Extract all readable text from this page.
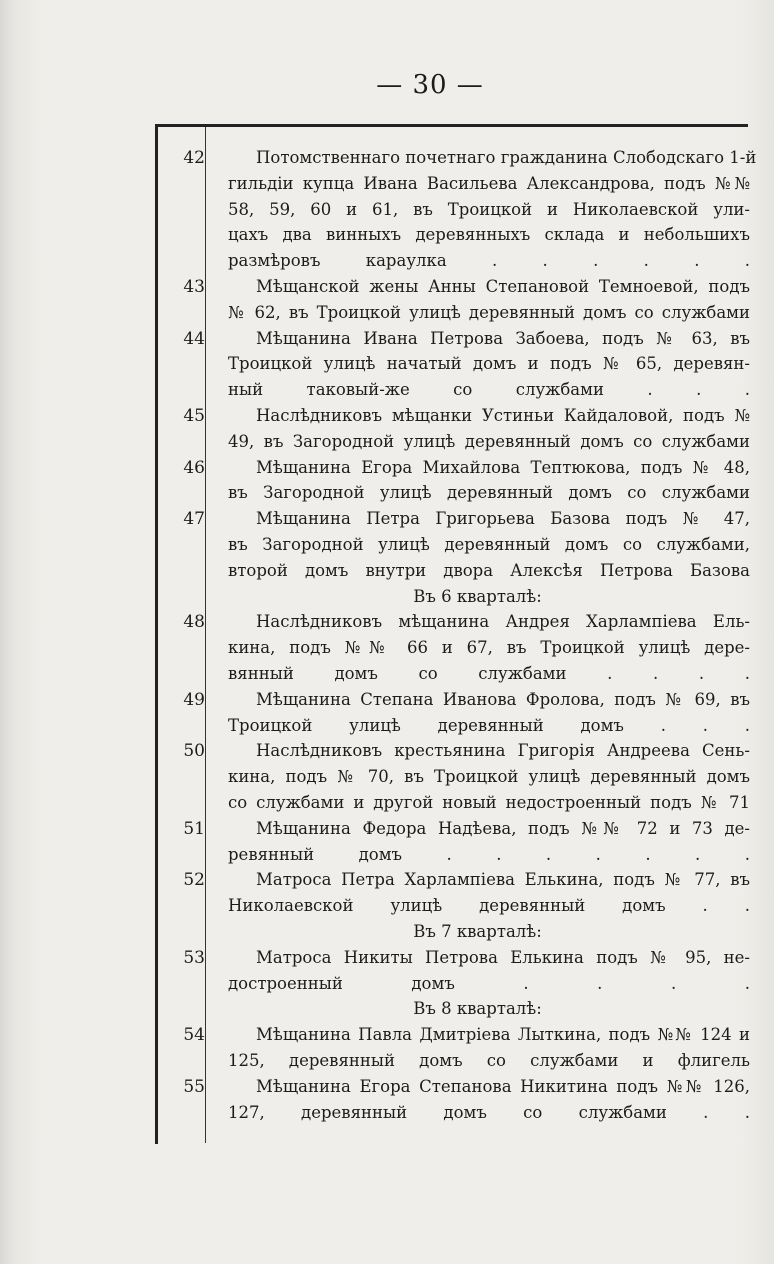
— 30 —
42	Потомственнаго почетнаго гражданина Слободскаго 1-й
гильдіи купца Ивана Васильева Александрова, подъ №№
58, 59, 60 и 61, въ Троицкой и Николаевской ули-
цахъ два винныхъ деревянныхъ склада и небольшихъ
размѣровъ караулка . . . . . .
43	Мѣщанской жены Анны Степановой Темноевой, подъ
№ 62, въ Троицкой улицѣ деревянный домъ со службами
44	Мѣщанина Ивана Петрова Забоева, подъ № 63, въ
Троицкой улицѣ начатый домъ и подъ № 65, деревян-
ный таковый-же со службами . . .
45	Наслѣдниковъ мѣщанки Устиньи Кайдаловой, подъ №
49, въ Загородной улицѣ деревянный домъ со службами
46	Мѣщанина Егора Михайлова Тептюкова, подъ № 48,
въ Загородной улицѣ деревянный домъ со службами
47	Мѣщанина Петра Григорьева Базова подъ № 47,
въ Загородной улицѣ деревянный домъ со службами,
второй домъ внутри двора Алексѣя Петрова Базова
Въ 6 кварталѣ:
48	Наслѣдниковъ мѣщанина Андрея Харлампіева Ель-
кина, подъ №№ 66 и 67, въ Троицкой улицѣ дере-
вянный домъ со службами . . . .
49	Мѣщанина Степана Иванова Фролова, подъ № 69, въ
Троицкой улицѣ деревянный домъ . . .
50	Наслѣдниковъ крестьянина Григорія Андреева Сень-
кина, подъ № 70, въ Троицкой улицѣ деревянный домъ
со службами и другой новый недостроенный подъ № 71
51	Мѣщанина Федора Надѣева, подъ №№ 72 и 73 де-
ревянный домъ . . . . . . .
52	Матроса Петра Харлампіева Елькина, подъ № 77, въ
Николаевской улицѣ деревянный домъ . .
Въ 7 кварталѣ:
53	Матроса Никиты Петрова Елькина подъ № 95, не-
достроенный домъ . . . .
Въ 8 кварталѣ:
54	Мѣщанина Павла Дмитріева Лыткина, подъ №№ 124 и
125, деревянный домъ со службами и флигель
55	Мѣщанина Егора Степанова Никитина подъ №№ 126,
127, деревянный домъ со службами . .
